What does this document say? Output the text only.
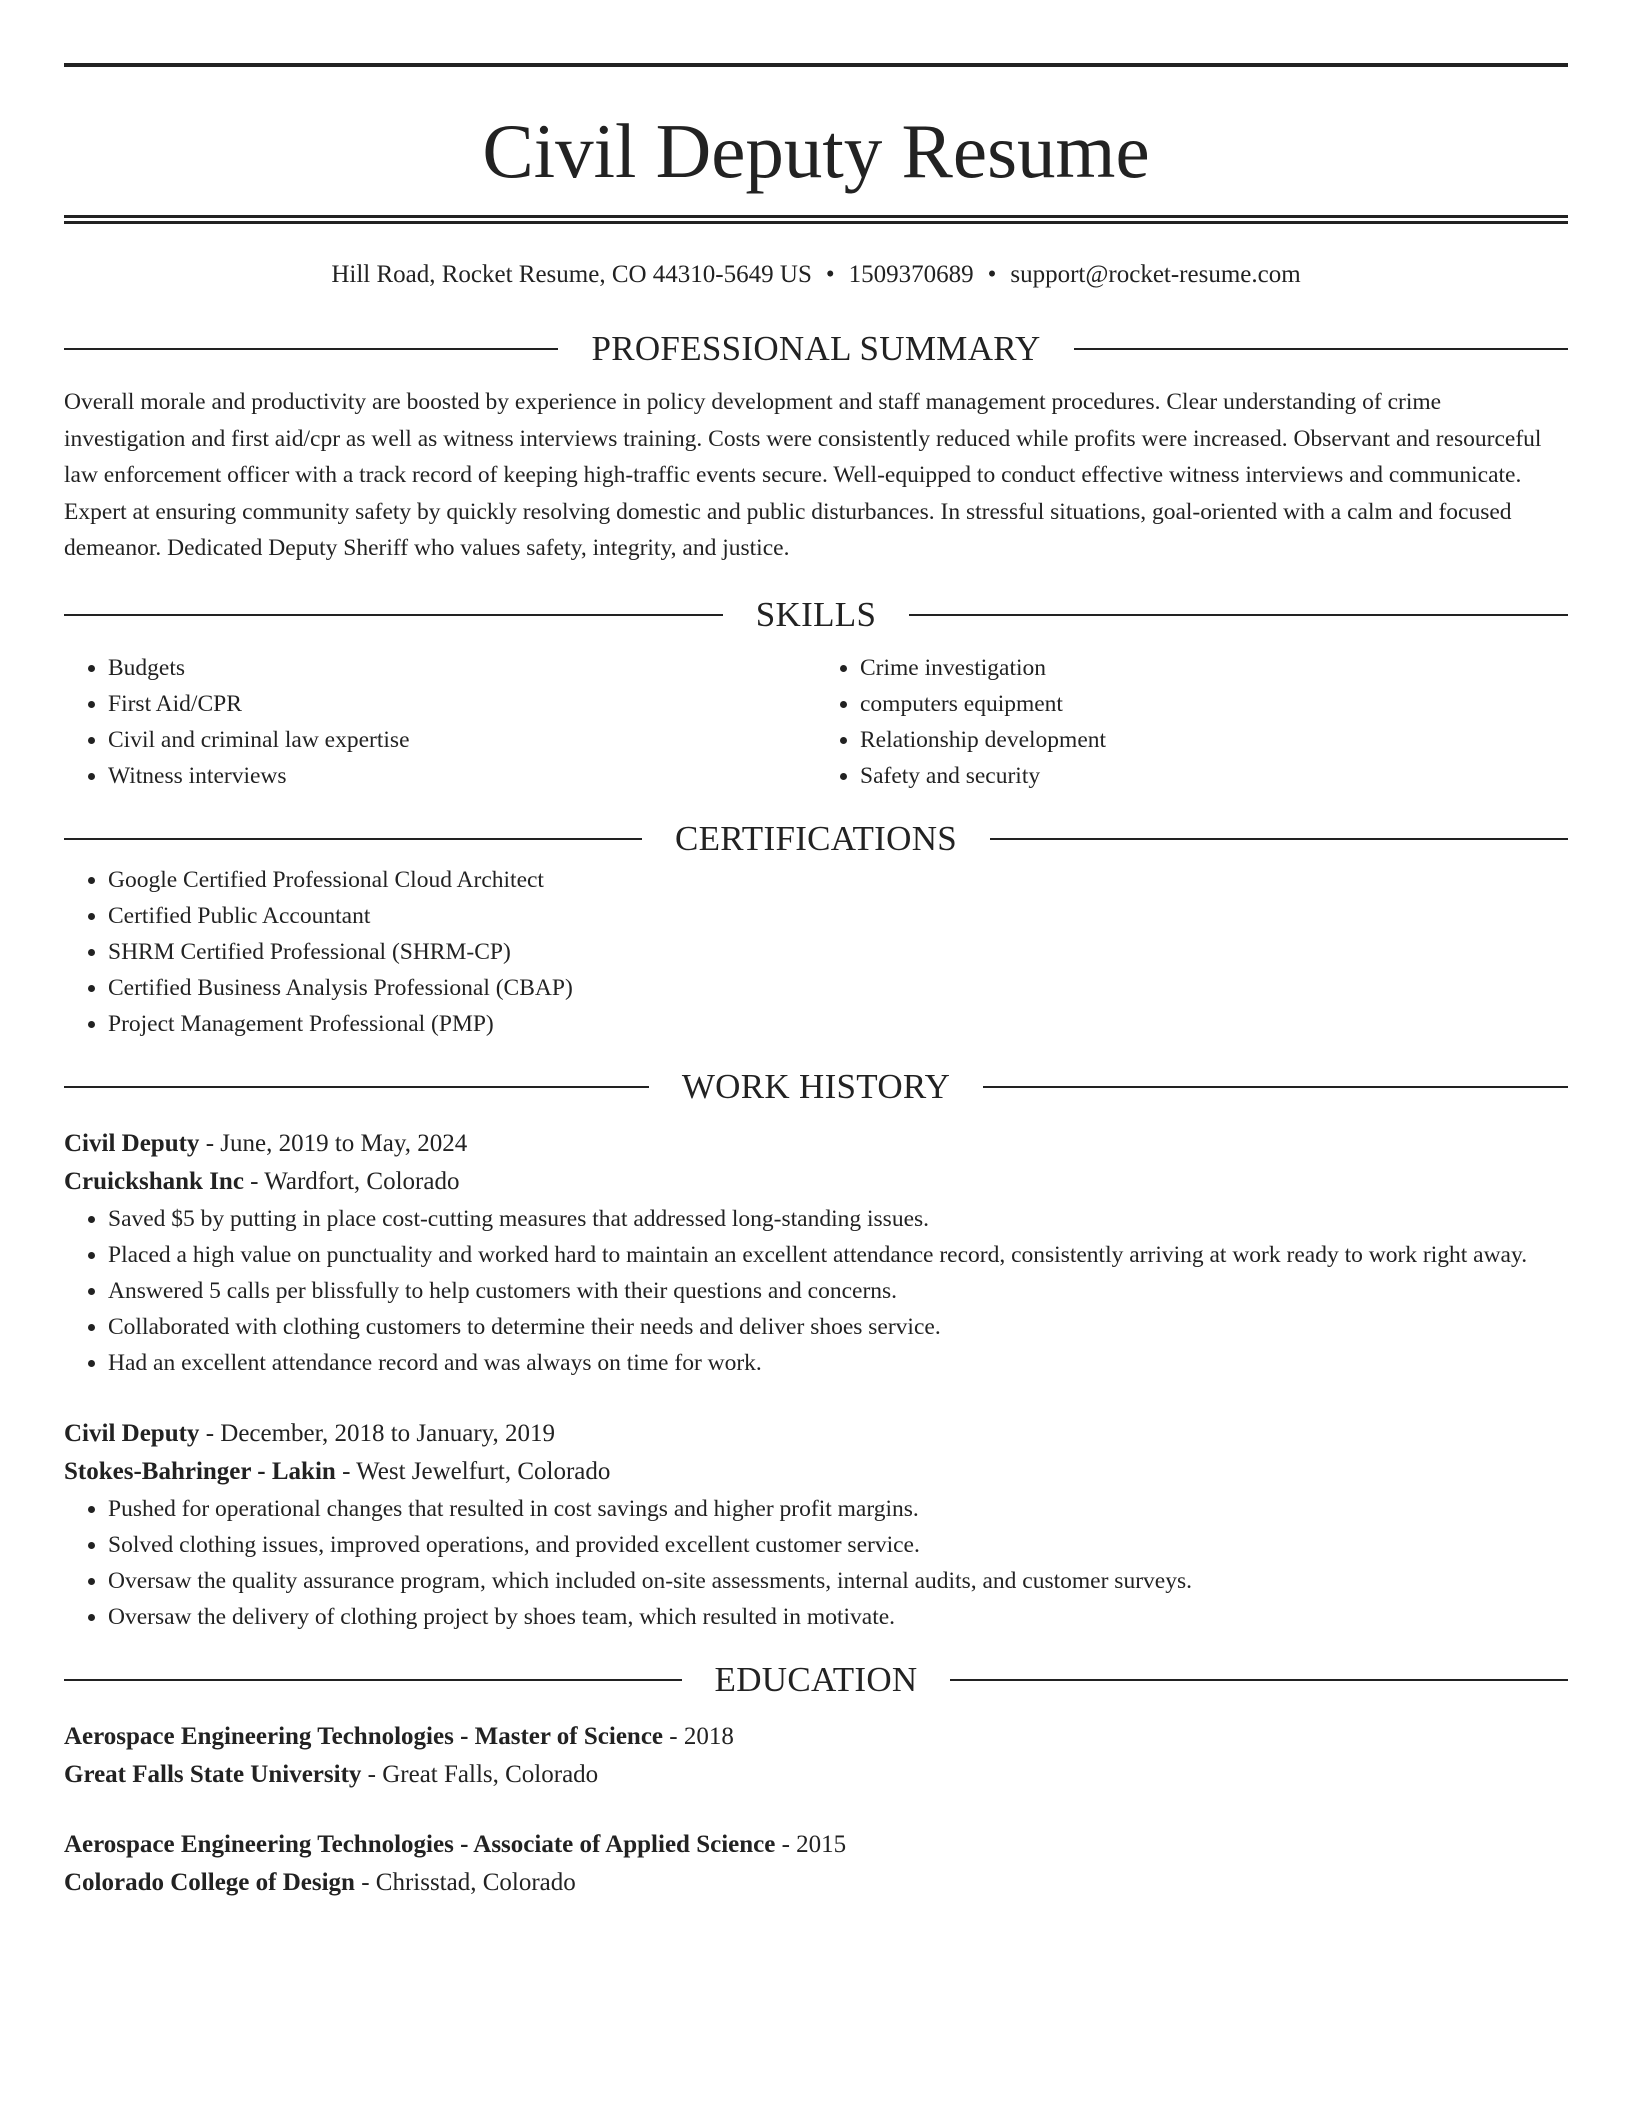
Civil Deputy Resume
Hill Road, Rocket Resume, CO 44310-5649 US • 1509370689 • support@rocket-resume.com
PROFESSIONAL SUMMARY
Overall morale and productivity are boosted by experience in policy development and staff management procedures. Clear understanding of crime investigation and first aid/cpr as well as witness interviews training. Costs were consistently reduced while profits were increased. Observant and resourceful law enforcement officer with a track record of keeping high-traffic events secure. Well-equipped to conduct effective witness interviews and communicate. Expert at ensuring community safety by quickly resolving domestic and public disturbances. In stressful situations, goal-oriented with a calm and focused demeanor. Dedicated Deputy Sheriff who values safety, integrity, and justice.
SKILLS
• Budgets
• First Aid/CPR
• Civil and criminal law expertise
• Witness interviews
• Crime investigation
• computers equipment
• Relationship development
• Safety and security
CERTIFICATIONS
• Google Certified Professional Cloud Architect
• Certified Public Accountant
• SHRM Certified Professional (SHRM-CP)
• Certified Business Analysis Professional (CBAP)
• Project Management Professional (PMP)
WORK HISTORY
Civil Deputy - June, 2019 to May, 2024
Cruickshank Inc - Wardfort, Colorado
• Saved $5 by putting in place cost-cutting measures that addressed long-standing issues.
• Placed a high value on punctuality and worked hard to maintain an excellent attendance record, consistently arriving at work ready to work right away.
• Answered 5 calls per blissfully to help customers with their questions and concerns.
• Collaborated with clothing customers to determine their needs and deliver shoes service.
• Had an excellent attendance record and was always on time for work.
Civil Deputy - December, 2018 to January, 2019
Stokes-Bahringer - Lakin - West Jewelfurt, Colorado
• Pushed for operational changes that resulted in cost savings and higher profit margins.
• Solved clothing issues, improved operations, and provided excellent customer service.
• Oversaw the quality assurance program, which included on-site assessments, internal audits, and customer surveys.
• Oversaw the delivery of clothing project by shoes team, which resulted in motivate.
EDUCATION
Aerospace Engineering Technologies - Master of Science - 2018
Great Falls State University - Great Falls, Colorado
Aerospace Engineering Technologies - Associate of Applied Science - 2015
Colorado College of Design - Chrisstad, Colorado
